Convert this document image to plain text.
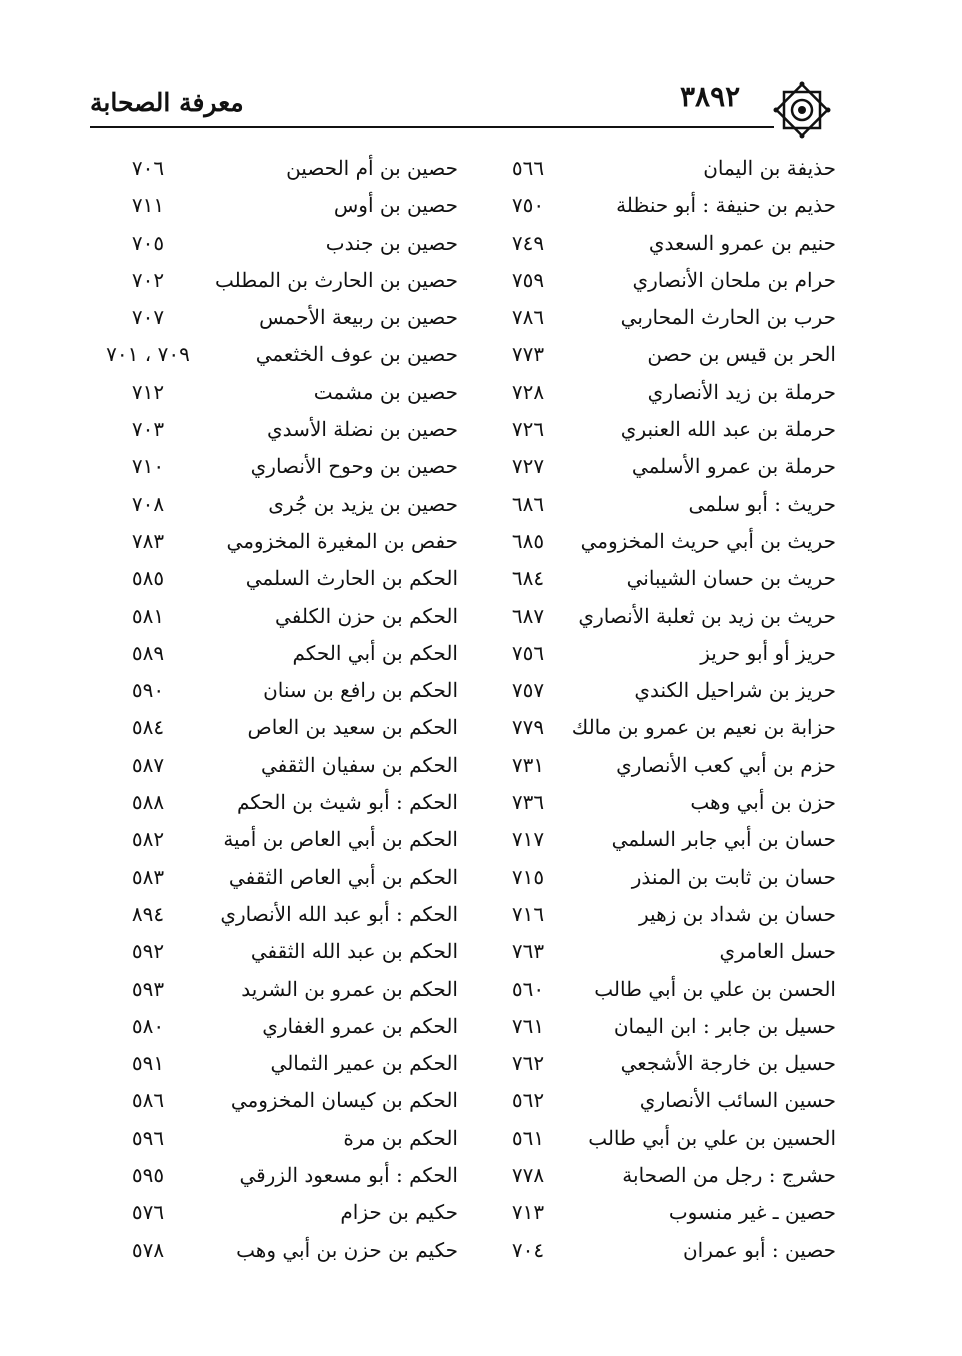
معرفة الصحابة	٣٨٩٢
حذيفة بن اليمان
٥٦٦
حصين بن أم الحصين
٧٠٦
حذيم بن حنيفة : أبو حنظلة
٧٥٠
حصين بن أوس
٧١١
حنيم بن عمرو السعدي
٧٤٩
حصين بن جندب
٧٠٥
حرام بن ملحان الأنصاري
٧٥٩
حصين بن الحارث بن المطلب
٧٠٢
حرب بن الحارث المحاربي
٧٨٦
حصين بن ربيعة الأحمس
٧٠٧
الحر بن قيس بن حصن
٧٧٣
حصين بن عوف الخثعمي
٧٠٩ ، ٧٠١
حرملة بن زيد الأنصاري
٧٢٨
حصين بن مشمت
٧١٢
حرملة بن عبد الله العنبري
٧٢٦
حصين بن نضلة الأسدي
٧٠٣
حرملة بن عمرو الأسلمي
٧٢٧
حصين بن وحوح الأنصاري
٧١٠
حريث : أبو سلمى
٦٨٦
حصين بن يزيد بن جُرى
٧٠٨
حريث بن أبي حريث المخزومي
٦٨٥
حفص بن المغيرة المخزومي
٧٨٣
حريث بن حسان الشيباني
٦٨٤
الحكم بن الحارث السلمي
٥٨٥
حريث بن زيد بن ثعلبة الأنصاري
٦٨٧
الحكم بن حزن الكلفي
٥٨١
حريز أو أبو حريز
٧٥٦
الحكم بن أبي الحكم
٥٨٩
حريز بن شراحيل الكندي
٧٥٧
الحكم بن رافع بن سنان
٥٩٠
حزابة بن نعيم بن عمرو بن مالك
٧٧٩
الحكم بن سعيد بن العاص
٥٨٤
حزم بن أبي كعب الأنصاري
٧٣١
الحكم بن سفيان الثقفي
٥٨٧
حزن بن أبي وهب
٧٣٦
الحكم : أبو شيث بن الحكم
٥٨٨
حسان بن أبي جابر السلمي
٧١٧
الحكم بن أبي العاص بن أمية
٥٨٢
حسان بن ثابت بن المنذر
٧١٥
الحكم بن أبي العاص الثقفي
٥٨٣
حسان بن شداد بن زهير
٧١٦
الحكم : أبو عبد الله الأنصاري
٨٩٤
حسل العامري
٧٦٣
الحكم بن عبد الله الثقفي
٥٩٢
الحسن بن علي بن أبي طالب
٥٦٠
الحكم بن عمرو بن الشريد
٥٩٣
حسيل بن جابر : ابن اليمان
٧٦١
الحكم بن عمرو الغفاري
٥٨٠
حسيل بن خارجة الأشجعي
٧٦٢
الحكم بن عمير الثمالي
٥٩١
حسين السائب الأنصاري
٥٦٢
الحكم بن كيسان المخزومي
٥٨٦
الحسين بن علي بن أبي طالب
٥٦١
الحكم بن مرة
٥٩٦
حشرج : رجل من الصحابة
٧٧٨
الحكم : أبو مسعود الزرقي
٥٩٥
حصين ـ غير منسوب
٧١٣
حكيم بن حزام
٥٧٦
حصين : أبو عمران
٧٠٤
حكيم بن حزن بن أبي وهب
٥٧٨
